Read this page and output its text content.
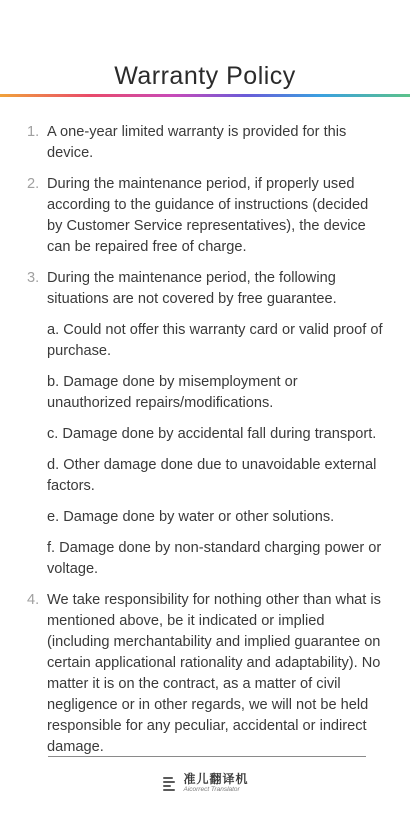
Warranty Policy
1. A one-year limited warranty is provided for this device.
2. During the maintenance period, if properly used according to the guidance of instructions (decided by Customer Service representatives), the device can be repaired free of charge.
3. During the maintenance period, the following situations are not covered by free guarantee.
a. Could not offer this warranty card or valid proof of purchase.
b. Damage done by misemployment or unauthorized repairs/modifications.
c. Damage done by accidental fall during transport.
d. Other damage done due to unavoidable external factors.
e. Damage done by water or other solutions.
f. Damage done by non-standard charging power or voltage.
4. We take responsibility for nothing other than what is mentioned above, be it indicated or implied (including merchantability and implied guarantee on certain applicational rationality and adaptability). No matter it is on the contract, as a matter of civil negligence or in other regards, we will not be held responsible for any peculiar, accidental or indirect damage.
准儿翻译机
Aicorrect Translator
